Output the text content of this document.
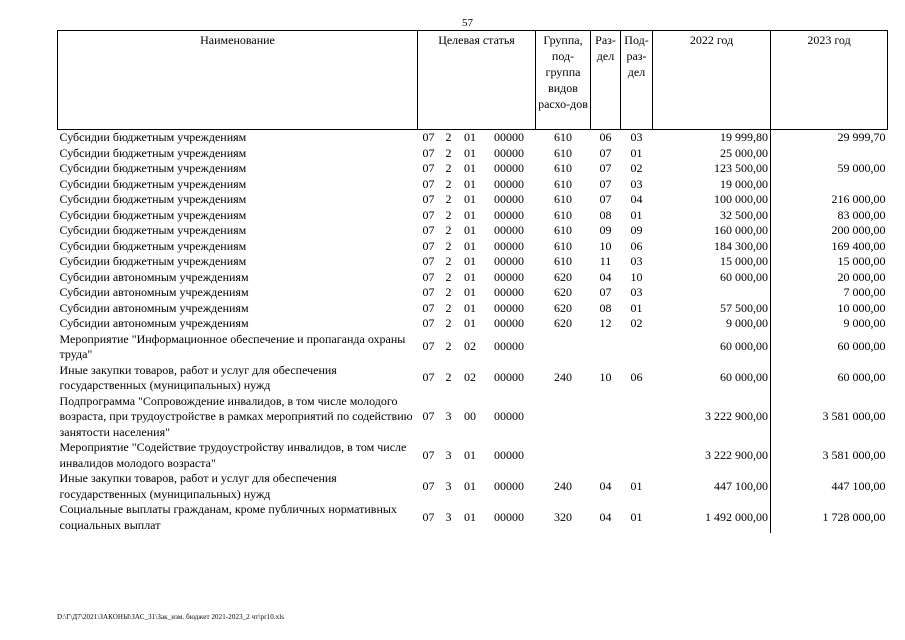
57
Наименование	Целевая статья				Группа, под-группа видов расхо-дов	Раз-дел	Под-раз-дел	2022 год	2023 год
Субсидии бюджетным учреждениям	07	2	01	00000	610	06	03	19 999,80	29 999,70
Субсидии бюджетным учреждениям	07	2	01	00000	610	07	01	25 000,00	
Субсидии бюджетным учреждениям	07	2	01	00000	610	07	02	123 500,00	59 000,00
Субсидии бюджетным учреждениям	07	2	01	00000	610	07	03	19 000,00	
Субсидии бюджетным учреждениям	07	2	01	00000	610	07	04	100 000,00	216 000,00
Субсидии бюджетным учреждениям	07	2	01	00000	610	08	01	32 500,00	83 000,00
Субсидии бюджетным учреждениям	07	2	01	00000	610	09	09	160 000,00	200 000,00
Субсидии бюджетным учреждениям	07	2	01	00000	610	10	06	184 300,00	169 400,00
Субсидии бюджетным учреждениям	07	2	01	00000	610	11	03	15 000,00	15 000,00
Субсидии автономным учреждениям	07	2	01	00000	620	04	10	60 000,00	20 000,00
Субсидии автономным учреждениям	07	2	01	00000	620	07	03		7 000,00
Субсидии автономным учреждениям	07	2	01	00000	620	08	01	57 500,00	10 000,00
Субсидии автономным учреждениям	07	2	01	00000	620	12	02	9 000,00	9 000,00
Мероприятие "Информационное обеспечение и пропаганда охраны труда"	07	2	02	00000				60 000,00	60 000,00
Иные закупки товаров, работ и услуг для обеспечения государственных (муниципальных) нужд	07	2	02	00000	240	10	06	60 000,00	60 000,00
Подпрограмма "Сопровождение инвалидов, в том числе молодого возраста, при трудоустройстве в рамках мероприятий по содействию занятости населения"	07	3	00	00000				3 222 900,00	3 581 000,00
Мероприятие "Содействие трудоустройству инвалидов, в том числе инвалидов молодого возраста"	07	3	01	00000				3 222 900,00	3 581 000,00
Иные закупки товаров, работ и услуг для обеспечения государственных (муниципальных) нужд	07	3	01	00000	240	04	01	447 100,00	447 100,00
Социальные выплаты гражданам, кроме публичных нормативных социальных выплат	07	3	01	00000	320	04	01	1 492 000,00	1 728 000,00
D:\Г\Д7\2021\ЗАКОНЫ\ЗАС_31\Зак_изм. бюджет 2021-2023_2 чт\pr10.xls
